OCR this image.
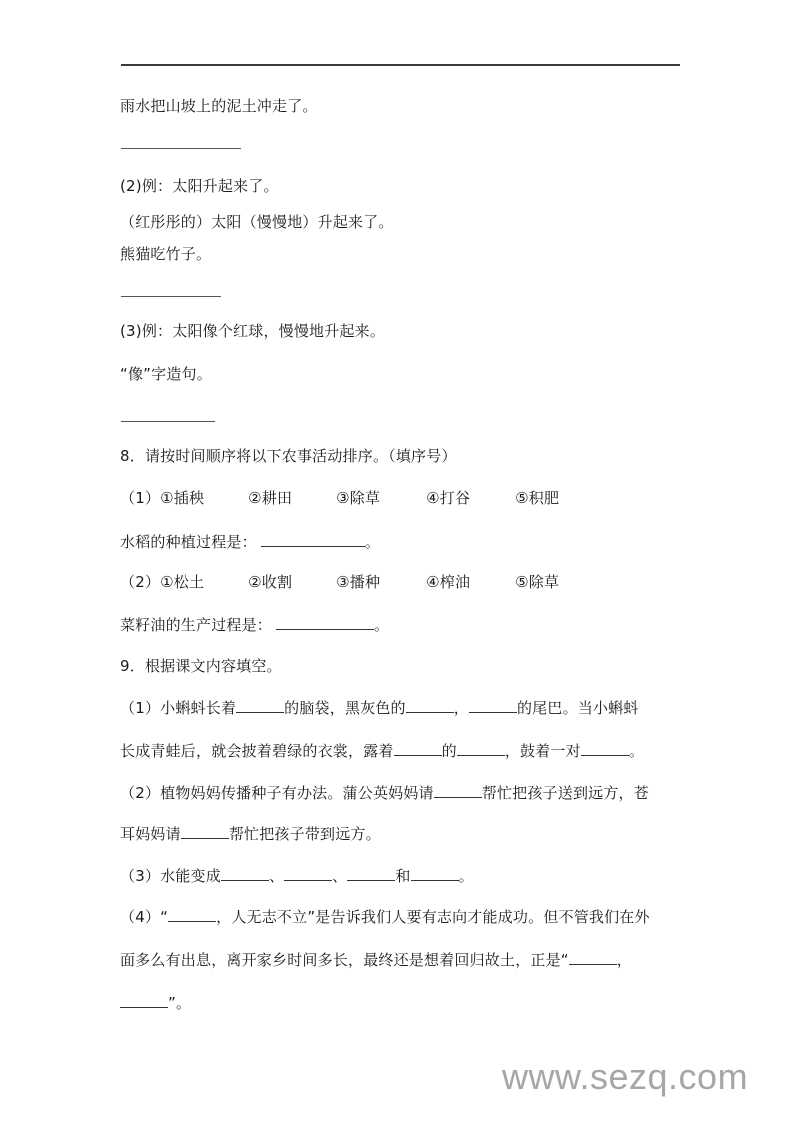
雨水把山坡上的泥土冲走了。
(2)例：太阳升起来了。
（红彤彤的）太阳（慢慢地）升起来了。
熊猫吃竹子。
(3)例：太阳像个红球，慢慢地升起来。
“像”字造句。
8．请按时间顺序将以下农事活动排序。（填序号）
（1）①插秧	②耕田	③除草	④打谷	⑤积肥
水稻的种植过程是：	。
（2）①松土	②收割	③播种	④榨油	⑤除草
菜籽油的生产过程是：	。
9．根据课文内容填空。
（1）小蝌蚪长着	的脑袋，黑灰色的	，	的尾巴。当小蝌蚪
长成青蛙后，就会披着碧绿的衣裳，露着	的	，鼓着一对	。
（2）植物妈妈传播种子有办法。蒲公英妈妈请	帮忙把孩子送到远方，苍
耳妈妈请	帮忙把孩子带到远方。
（3）水能变成	、	、	和	。
（4）“	，人无志不立”是告诉我们人要有志向才能成功。但不管我们在外
面多么有出息，离开家乡时间多长，最终还是想着回归故土，正是“	，
”。
www.sezq.com
